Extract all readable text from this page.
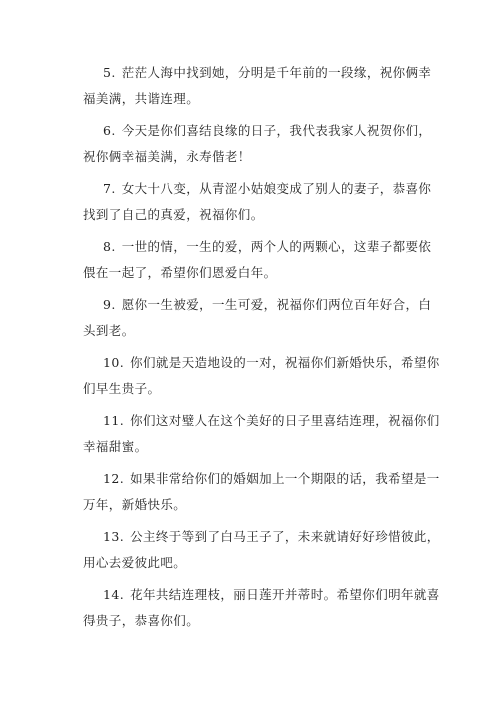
5. 茫茫人海中找到她，分明是千年前的一段缘，祝你俩幸福美满，共谐连理。

6. 今天是你们喜结良缘的日子，我代表我家人祝贺你们，祝你俩幸福美满，永寿偕老！

7. 女大十八变，从青涩小姑娘变成了别人的妻子，恭喜你找到了自己的真爱，祝福你们。

8. 一世的情，一生的爱，两个人的两颗心，这辈子都要依偎在一起了，希望你们恩爱白年。

9. 愿你一生被爱，一生可爱，祝福你们两位百年好合，白头到老。

10. 你们就是天造地设的一对，祝福你们新婚快乐，希望你们早生贵子。

11. 你们这对璧人在这个美好的日子里喜结连理，祝福你们幸福甜蜜。

12. 如果非常给你们的婚姻加上一个期限的话，我希望是一万年，新婚快乐。

13. 公主终于等到了白马王子了，未来就请好好珍惜彼此，用心去爱彼此吧。

14. 花年共结连理枝，丽日莲开并蒂时。希望你们明年就喜得贵子，恭喜你们。
